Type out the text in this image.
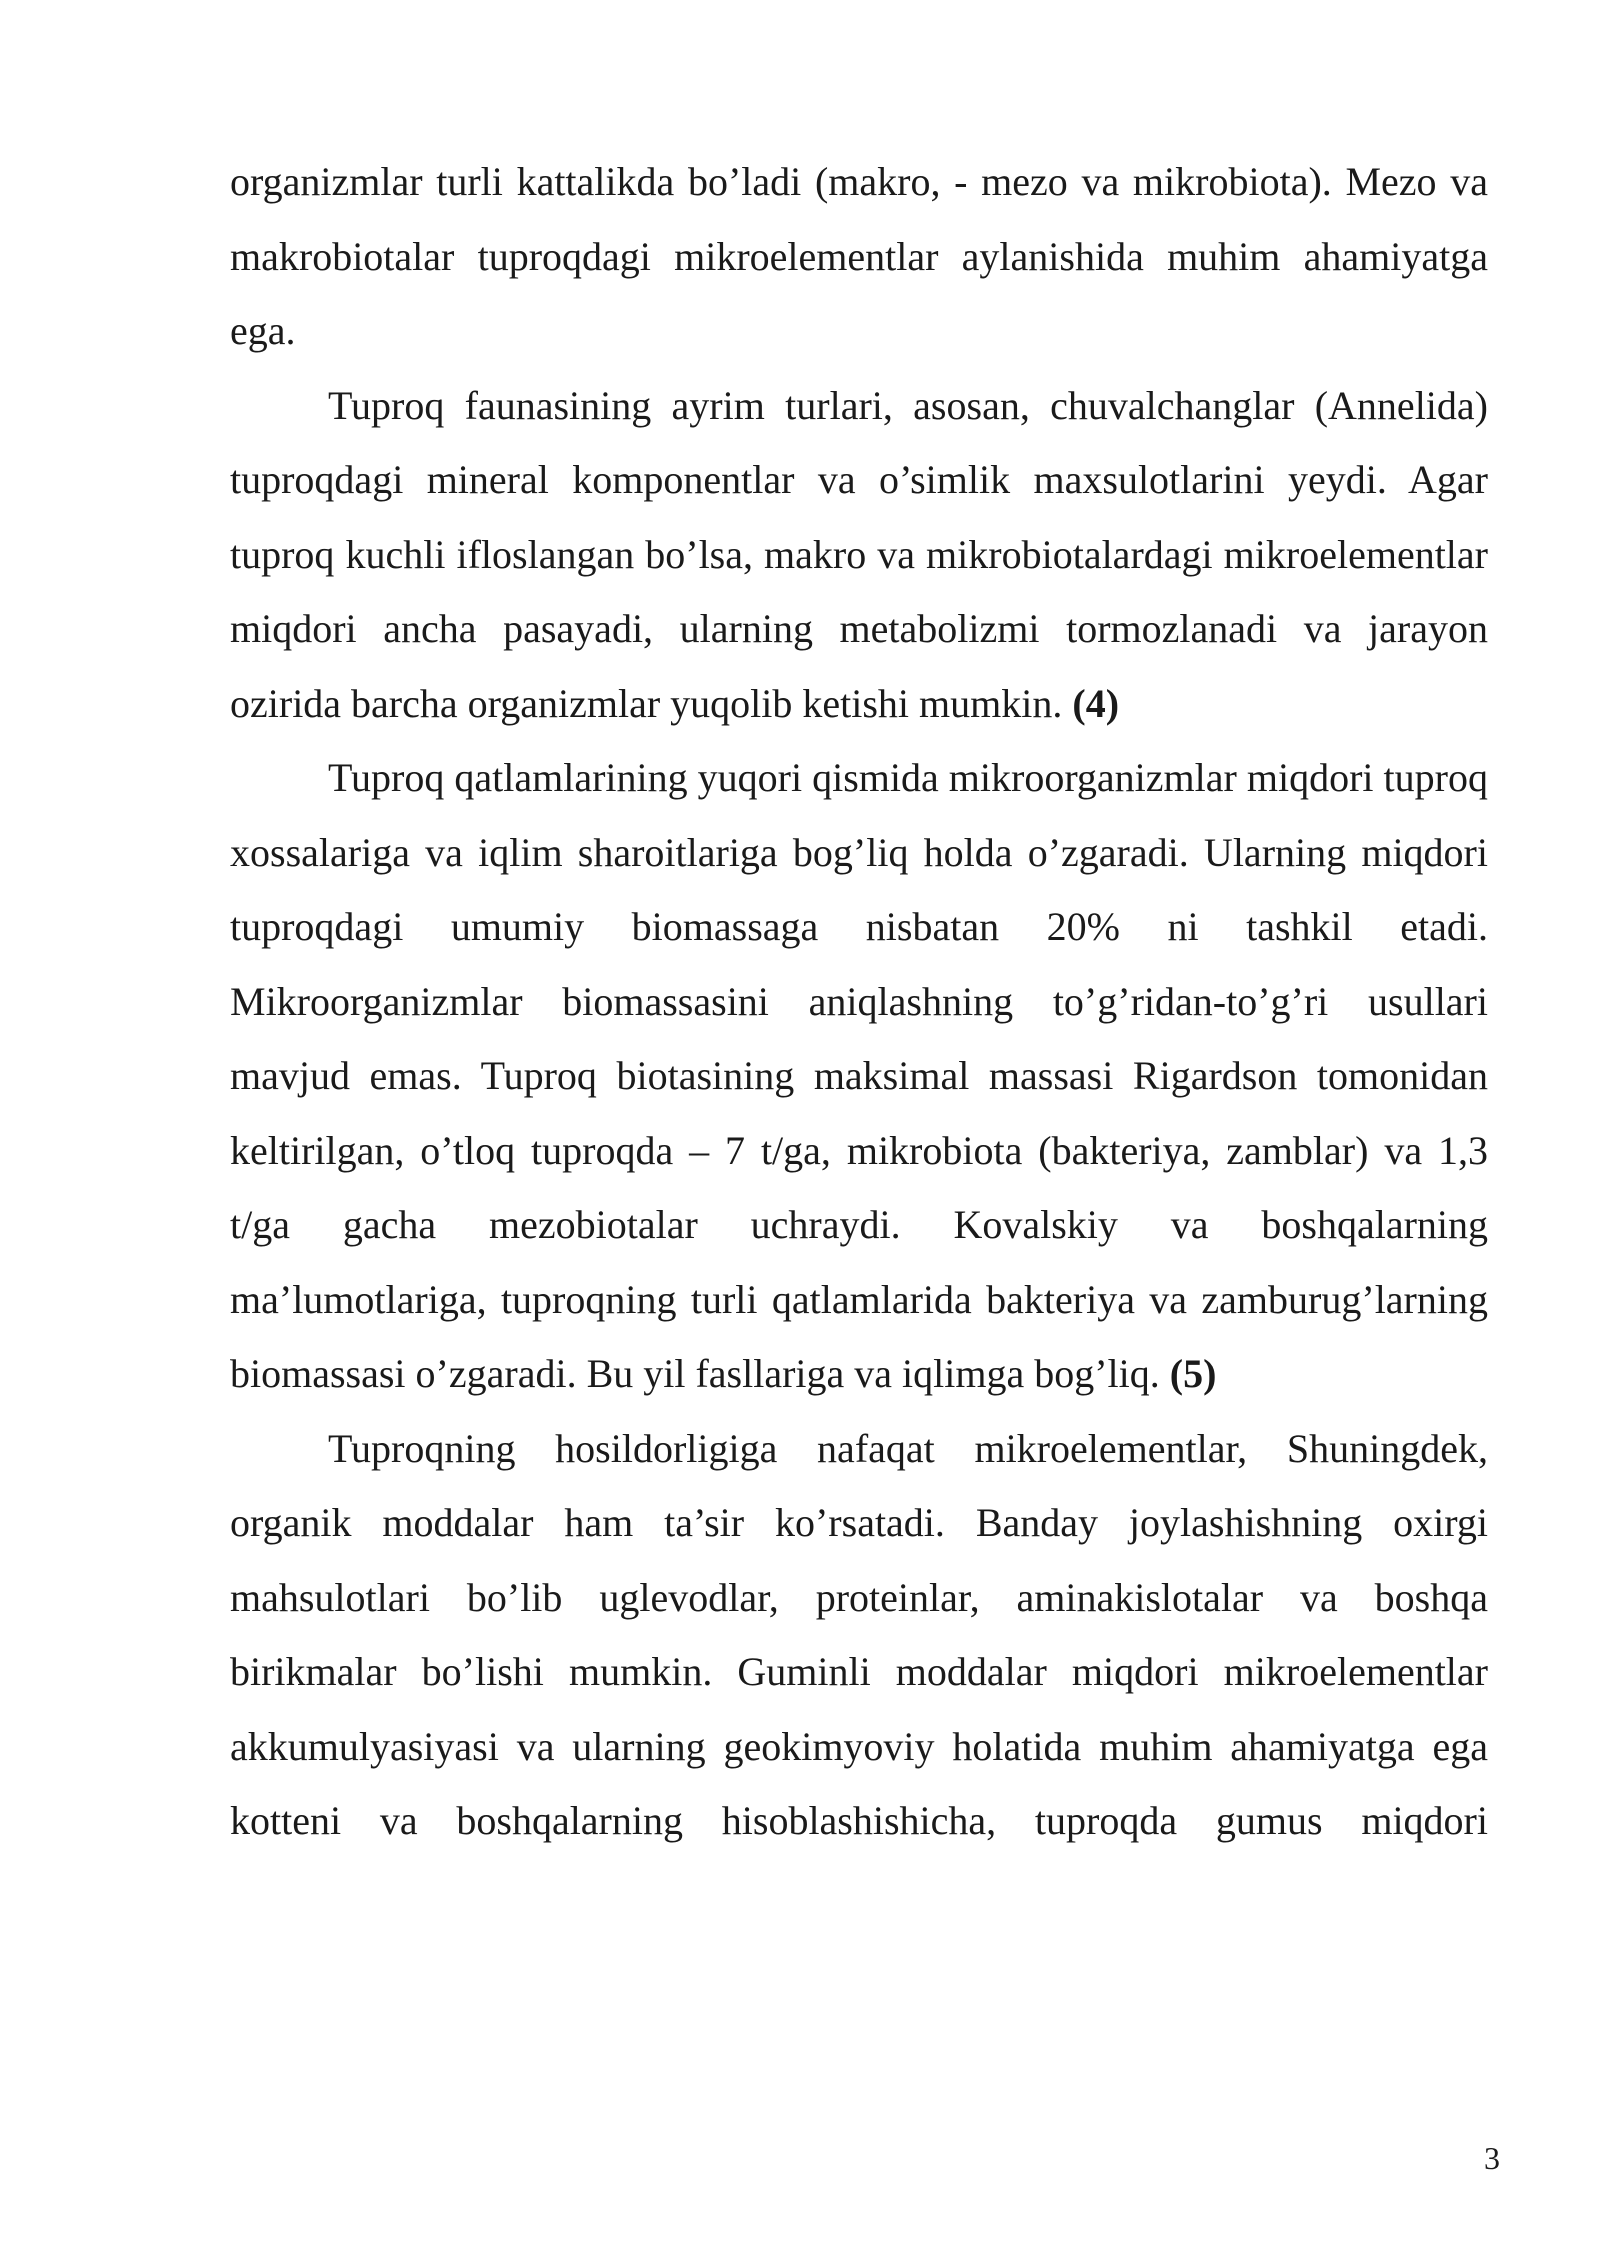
organizmlar turli kattalikda bo’ladi (makro, - mezo va mikrobiota). Mezo va makrobiotalar tuproqdagi mikroelementlar aylanishida muhim ahamiyatga ega.

Tuproq faunasining ayrim turlari, asosan, chuvalchanglar (Annelida) tuproqdagi mineral komponentlar va o’simlik maxsulotlarini yeydi. Agar tuproq kuchli ifloslangan bo’lsa, makro va mikrobiotalardagi mikroelementlar miqdori ancha pasayadi, ularning metabolizmi tormozlanadi va jarayon ozirida barcha organizmlar yuqolib ketishi mumkin. (4)

Tuproq qatlamlarining yuqori qismida mikroorganizmlar miqdori tuproq xossalariga va iqlim sharoitlariga bog’liq holda o’zgaradi. Ularning miqdori tuproqdagi umumiy biomassaga nisbatan 20% ni tashkil etadi. Mikroorganizmlar biomassasini aniqlashning to’g’ridan-to’g’ri usullari mavjud emas. Tuproq biotasining maksimal massasi Rigardson tomonidan keltirilgan, o’tloq tuproqda – 7 t/ga, mikrobiota (bakteriya, zamblar) va 1,3 t/ga gacha mezobiotalar uchraydi. Kovalskiy va boshqalarning ma’lumotlariga, tuproqning turli qatlamlarida bakteriya va zamburug’larning biomassasi o’zgaradi. Bu yil fasllariga va iqlimga bog’liq. (5)

Tuproqning hosildorligiga nafaqat mikroelementlar, Shuningdek, organik moddalar ham ta’sir ko’rsatadi. Banday joylashishning oxirgi mahsulotlari bo’lib uglevodlar, proteinlar, aminakislotalar va boshqa birikmalar bo’lishi mumkin. Guminli moddalar miqdori mikroelementlar akkumulyasiyasi va ularning geokimyoviy holatida muhim ahamiyatga ega kotteni va boshqalarning hisoblashishicha, tuproqda gumus miqdori

3
